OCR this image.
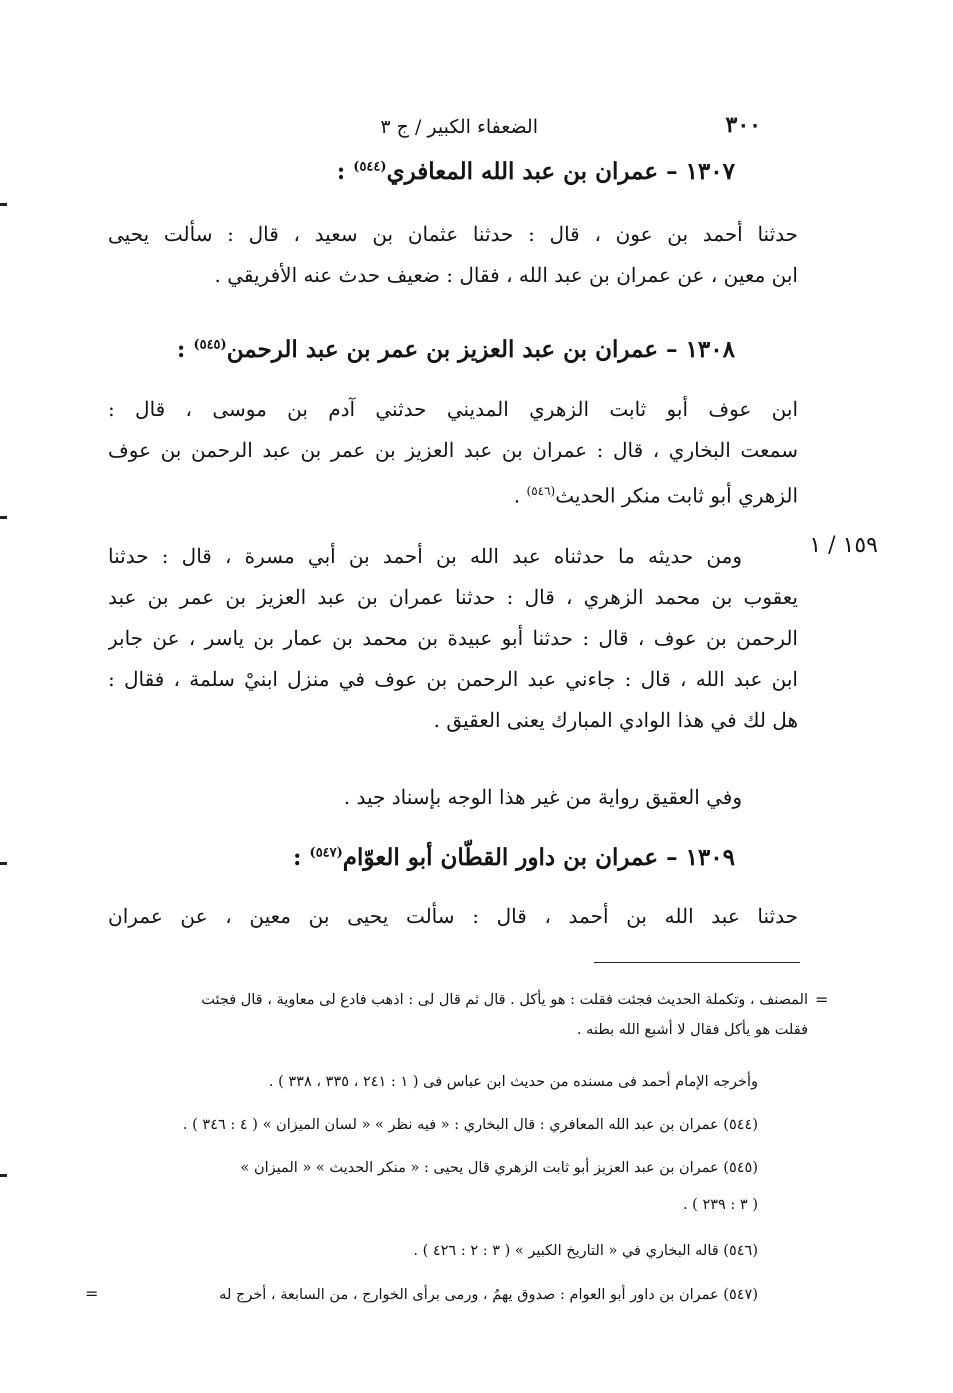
٣٠٠
الضعفاء الكبير / ج ٣
١٣٠٧ – عمران بن عبد الله المعافري$^{(٥٤٤)}$ :
حدثنا أحمد بن عون ، قال : حدثنا عثمان بن سعيد ، قال : سألت يحيى
ابن معين ، عن عمران بن عبد الله ، فقال : ضعيف حدث عنه الأفريقي .
١٣٠٨ – عمران بن عبد العزيز بن عمر بن عبد الرحمن$^{(٥٤٥)}$ :
ابن عوف أبو ثابت الزهري المديني حدثني آدم بن موسى ، قال :
سمعت البخاري ، قال : عمران بن عبد العزيز بن عمر بن عبد الرحمن بن عوف
الزهري أبو ثابت منكر الحديث$^{(٥٤٦)}$ .
١٥٩ / ١
ومن حديثه ما حدثناه عبد الله بن أحمد بن أبي مسرة ، قال : حدثنا
يعقوب بن محمد الزهري ، قال : حدثنا عمران بن عبد العزيز بن عمر بن عبد
الرحمن بن عوف ، قال : حدثنا أبو عبيدة بن محمد بن عمار بن ياسر ، عن جابر
ابن عبد الله ، قال : جاءني عبد الرحمن بن عوف في منزل ابنيْ سلمة ، فقال :
هل لك في هذا الوادي المبارك يعنى العقيق .
وفي العقيق رواية من غير هذا الوجه بإسناد جيد .
١٣٠٩ – عمران بن داور القطّان أبو العوّام$^{(٥٤٧)}$ :
حدثنا عبد الله بن أحمد ، قال : سألت يحيى بن معين ، عن عمران
=
المصنف ، وتكملة الحديث فجئت فقلت : هو يأكل . قال ثم قال لى : اذهب فادع لى معاوية ، قال فجئت
فقلت هو يأكل فقال لا أشبع الله بطنه .
وأخرجه الإمام أحمد فى مسنده من حديث ابن عباس فى ( ١ : ٢٤١ ، ٣٣٥ ، ٣٣٨ ) .
(٥٤٤) عمران بن عبد الله المعافري : قال البخاري : « فيه نظر » « لسان الميزان » ( ٤ : ٣٤٦ ) .
(٥٤٥) عمران بن عبد العزيز أبو ثابت الزهري قال يحيى : « منكر الحديث » « الميزان »
( ٣ : ٢٣٩ ) .
(٥٤٦) قاله البخاري في « التاريخ الكبير » ( ٣ : ٢ : ٤٢٦ ) .
(٥٤٧) عمران بن داور أبو العوام : صدوق يهمُ ، ورمى برأى الخوارج ، من السابعة ، أخرج له
=
